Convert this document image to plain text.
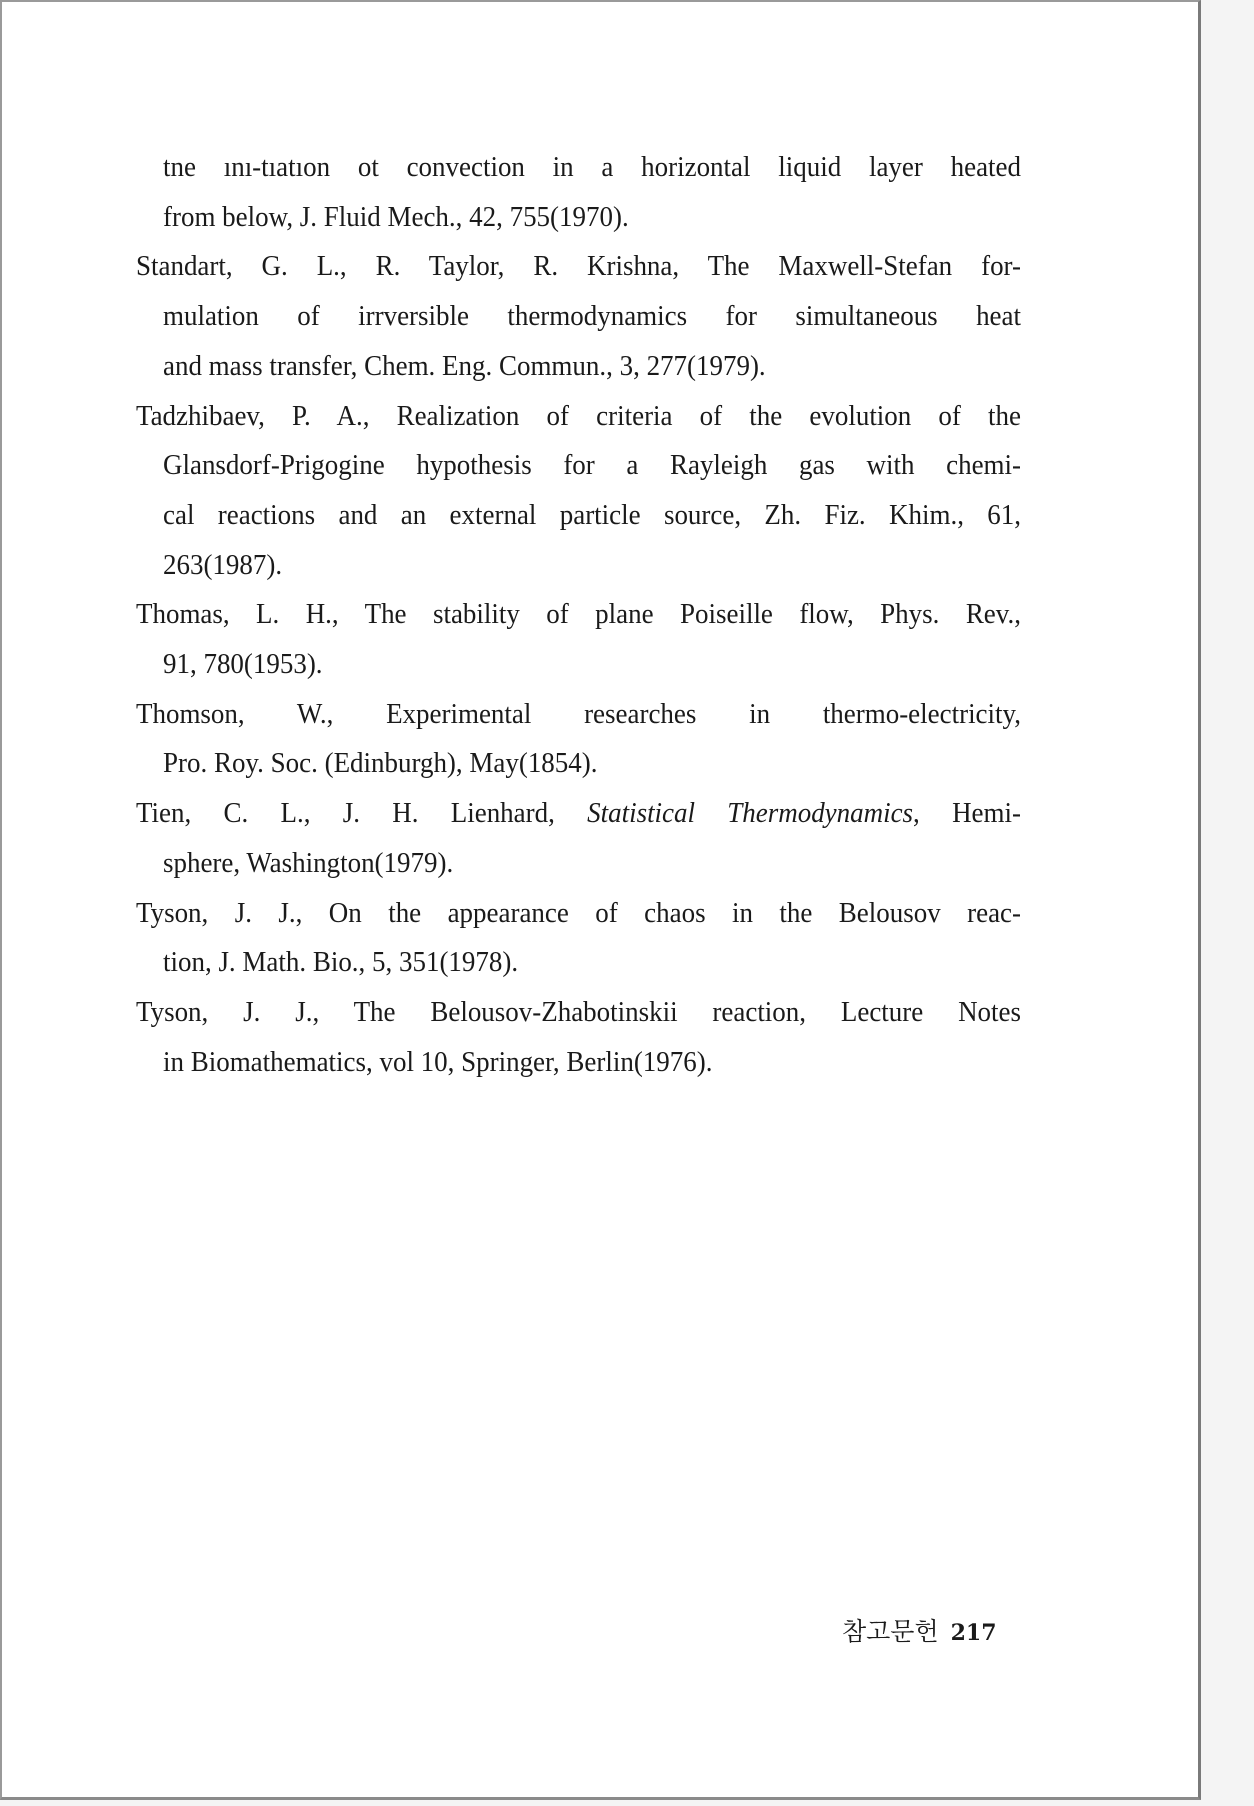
tne ını-tıatıon ot convection in a horizontal liquid layer heated
from below, J. Fluid Mech., 42, 755(1970).
Standart, G. L., R. Taylor, R. Krishna, The Maxwell-Stefan for-
mulation of irrversible thermodynamics for simultaneous heat
and mass transfer, Chem. Eng. Commun., 3, 277(1979).
Tadzhibaev, P. A., Realization of criteria of the evolution of the
Glansdorf-Prigogine hypothesis for a Rayleigh gas with chemi-
cal reactions and an external particle source, Zh. Fiz. Khim., 61,
263(1987).
Thomas, L. H., The stability of plane Poiseille flow, Phys. Rev.,
91, 780(1953).
Thomson, W., Experimental researches in thermo-electricity,
Pro. Roy. Soc. (Edinburgh), May(1854).
Tien, C. L., J. H. Lienhard, Statistical Thermodynamics, Hemi-
sphere, Washington(1979).
Tyson, J. J., On the appearance of chaos in the Belousov reac-
tion, J. Math. Bio., 5, 351(1978).
Tyson, J. J., The Belousov-Zhabotinskii reaction, Lecture Notes
in Biomathematics, vol 10, Springer, Berlin(1976).
참고문헌 217
